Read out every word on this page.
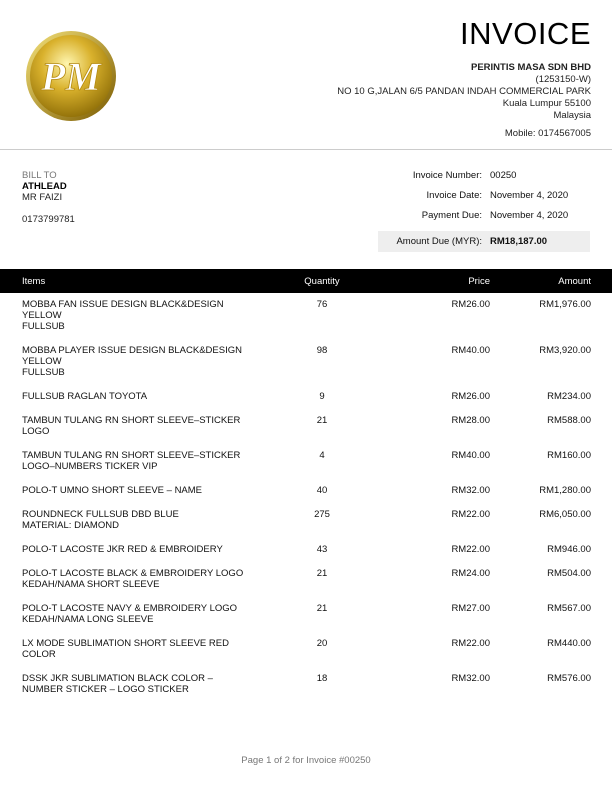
PM
INVOICE
PERINTIS MASA SDN BHD
(1253150-W)
NO 10 G,JALAN 6/5 PANDAN INDAH COMMERCIAL PARK
Kuala Lumpur 55100
Malaysia
Mobile: 0174567005
BILL TO
ATHLEAD
MR FAIZI
0173799781
Invoice Number: 00250
Invoice Date: November 4, 2020
Payment Due: November 4, 2020
Amount Due (MYR): RM18,187.00
Items	Quantity	Price	Amount
MOBBA FAN ISSUE DESIGN BLACK&DESIGN
YELLOW
FULLSUB
76	RM26.00	RM1,976.00
MOBBA PLAYER ISSUE DESIGN BLACK&DESIGN
YELLOW
FULLSUB
98	RM40.00	RM3,920.00
FULLSUB RAGLAN TOYOTA	9	RM26.00	RM234.00
TAMBUN TULANG RN SHORT SLEEVE–STICKER
LOGO
21	RM28.00	RM588.00
TAMBUN TULANG RN SHORT SLEEVE–STICKER
LOGO–NUMBERS TICKER VIP
4	RM40.00	RM160.00
POLO-T UMNO SHORT SLEEVE – NAME	40	RM32.00	RM1,280.00
ROUNDNECK FULLSUB DBD BLUE
MATERIAL: DIAMOND
275	RM22.00	RM6,050.00
POLO-T LACOSTE JKR RED & EMBROIDERY	43	RM22.00	RM946.00
POLO-T LACOSTE BLACK & EMBROIDERY LOGO
KEDAH/NAMA SHORT SLEEVE
21	RM24.00	RM504.00
POLO-T LACOSTE NAVY & EMBROIDERY LOGO
KEDAH/NAMA LONG SLEEVE
21	RM27.00	RM567.00
LX MODE SUBLIMATION SHORT SLEEVE RED
COLOR
20	RM22.00	RM440.00
DSSK JKR SUBLIMATION BLACK COLOR –
NUMBER STICKER – LOGO STICKER
18	RM32.00	RM576.00
Page 1 of 2 for Invoice #00250
